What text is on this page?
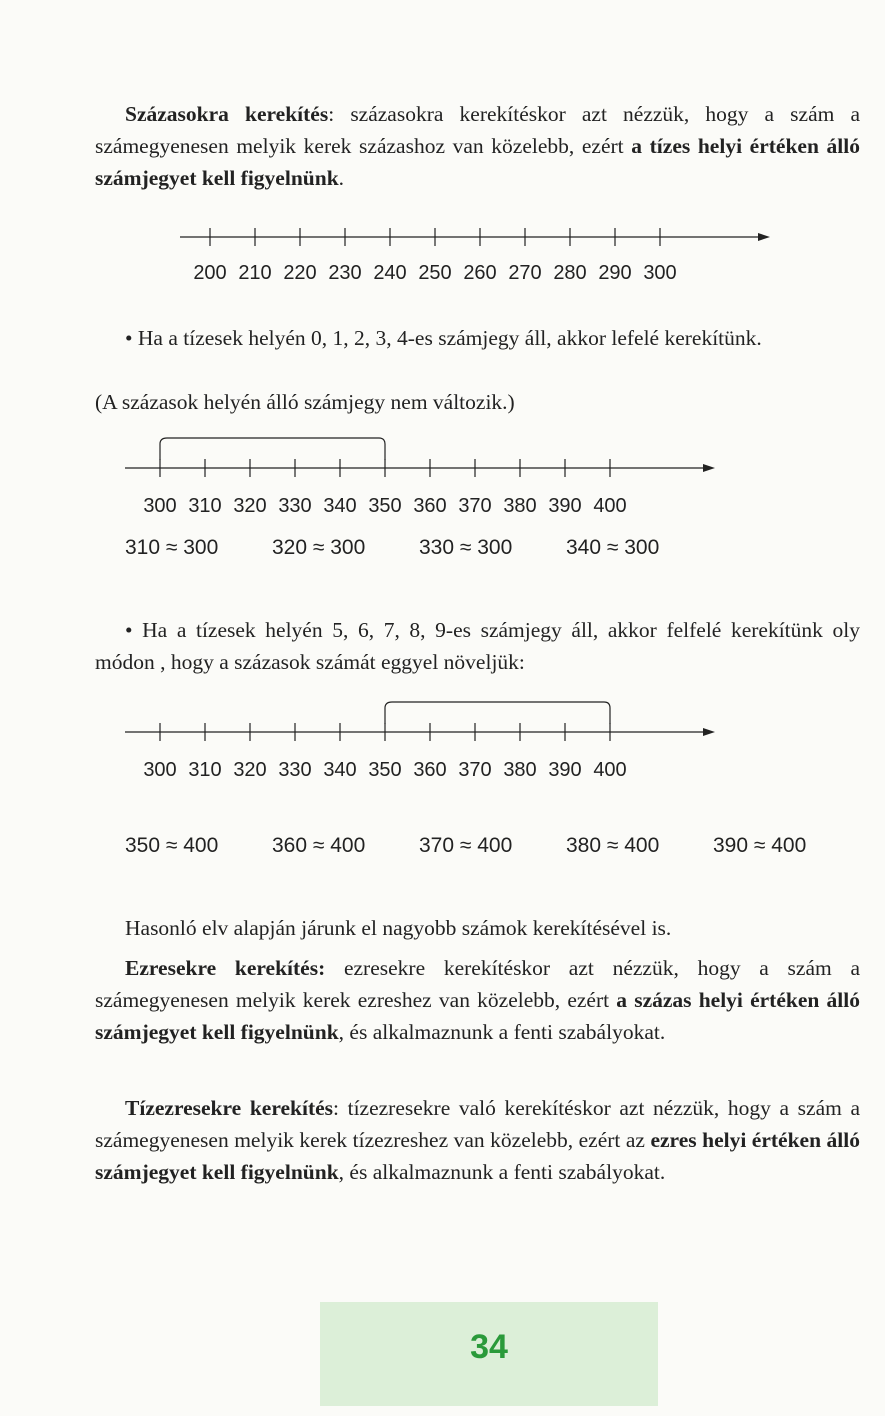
Százasokra kerekítés: százasokra kerekítéskor azt nézzük, hogy a szám a számegyenesen melyik kerek százashoz van közelebb, ezért a tízes helyi értéken álló számjegyet kell figyelnünk.
200 210 220 230 240 250 260 270 280 290 300
• Ha a tízesek helyén 0, 1, 2, 3, 4-es számjegy áll, akkor lefelé kerekítünk.
(A százasok helyén álló számjegy nem változik.)
300 310 320 330 340 350 360 370 380 390 400
310 ≈ 300	320 ≈ 300	330 ≈ 300	340 ≈ 300
• Ha a tízesek helyén 5, 6, 7, 8, 9-es számjegy áll, akkor felfelé kerekítünk oly módon , hogy a százasok számát eggyel növeljük:
300 310 320 330 340 350 360 370 380 390 400
350 ≈ 400	360 ≈ 400	370 ≈ 400	380 ≈ 400	390 ≈ 400
Hasonló elv alapján járunk el nagyobb számok kerekítésével is.
Ezresekre kerekítés: ezresekre kerekítéskor azt nézzük, hogy a szám a számegyenesen melyik kerek ezreshez van közelebb, ezért a százas helyi értéken álló számjegyet kell figyelnünk, és alkalmaznunk a fenti szabályokat.
Tízezresekre kerekítés: tízezresekre való kerekítéskor azt nézzük, hogy a szám a számegyenesen melyik kerek tízezreshez van közelebb, ezért az ezres helyi értéken álló számjegyet kell figyelnünk, és alkalmaznunk a fenti szabályokat.
34
